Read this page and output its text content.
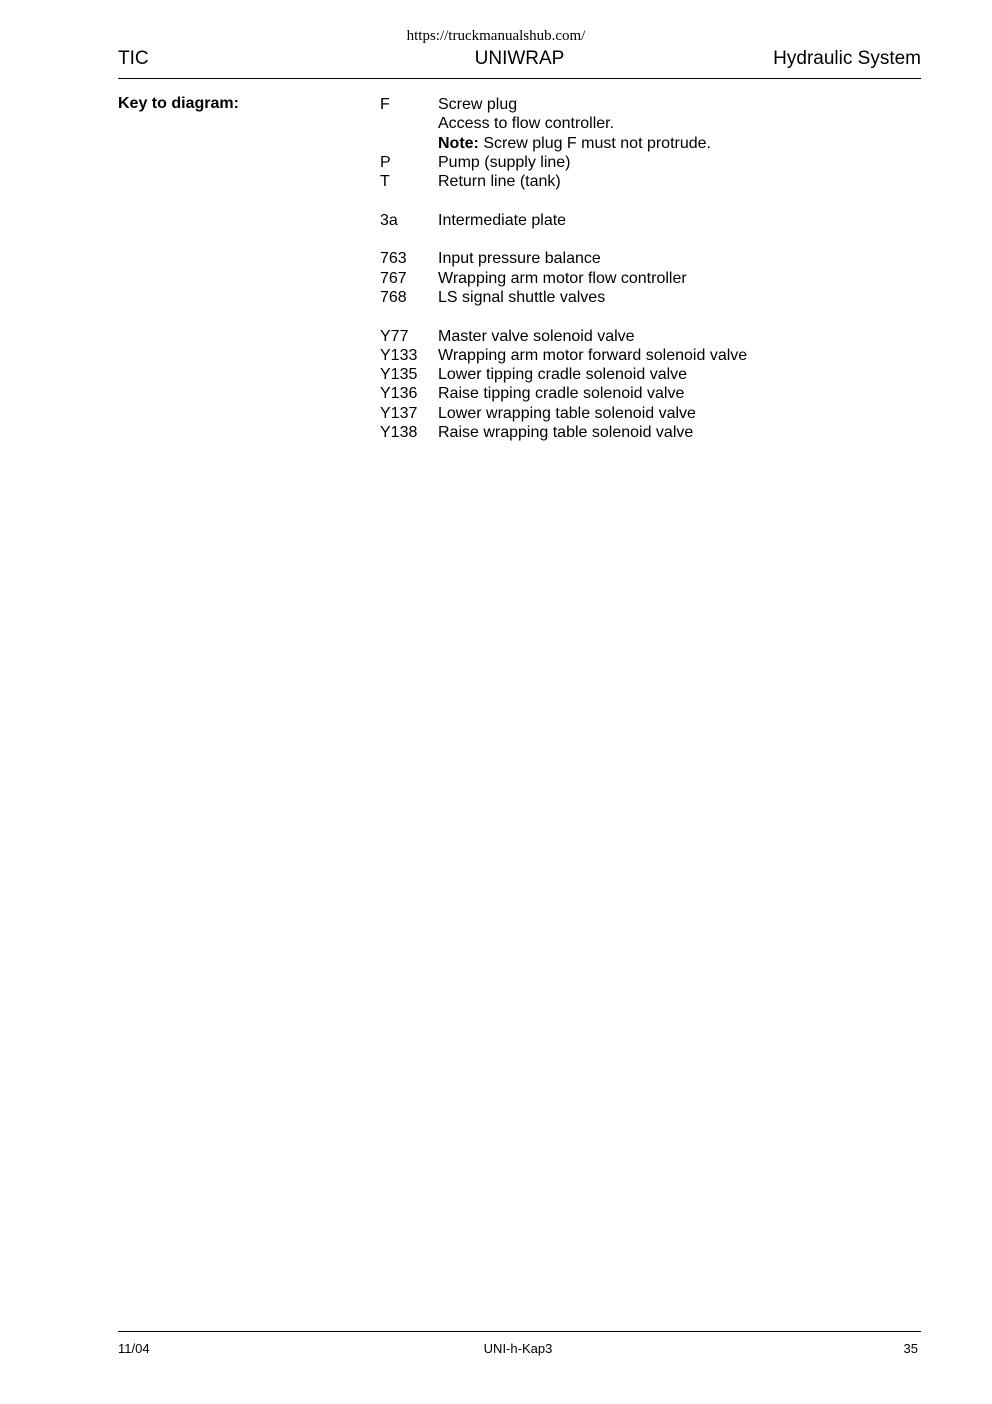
https://truckmanualshub.com/
TIC	UNIWRAP	Hydraulic System
Key to diagram:	F	Screw plug
Access to flow controller.
Note: Screw plug F must not protrude.
P	Pump (supply line)
T	Return line (tank)
3a	Intermediate plate
763	Input pressure balance
767	Wrapping arm motor flow controller
768	LS signal shuttle valves
Y77	Master valve solenoid valve
Y133	Wrapping arm motor forward solenoid valve
Y135	Lower tipping cradle solenoid valve
Y136	Raise tipping cradle solenoid valve
Y137	Lower wrapping table solenoid valve
Y138	Raise wrapping table solenoid valve
11/04	UNI-h-Kap3	35
